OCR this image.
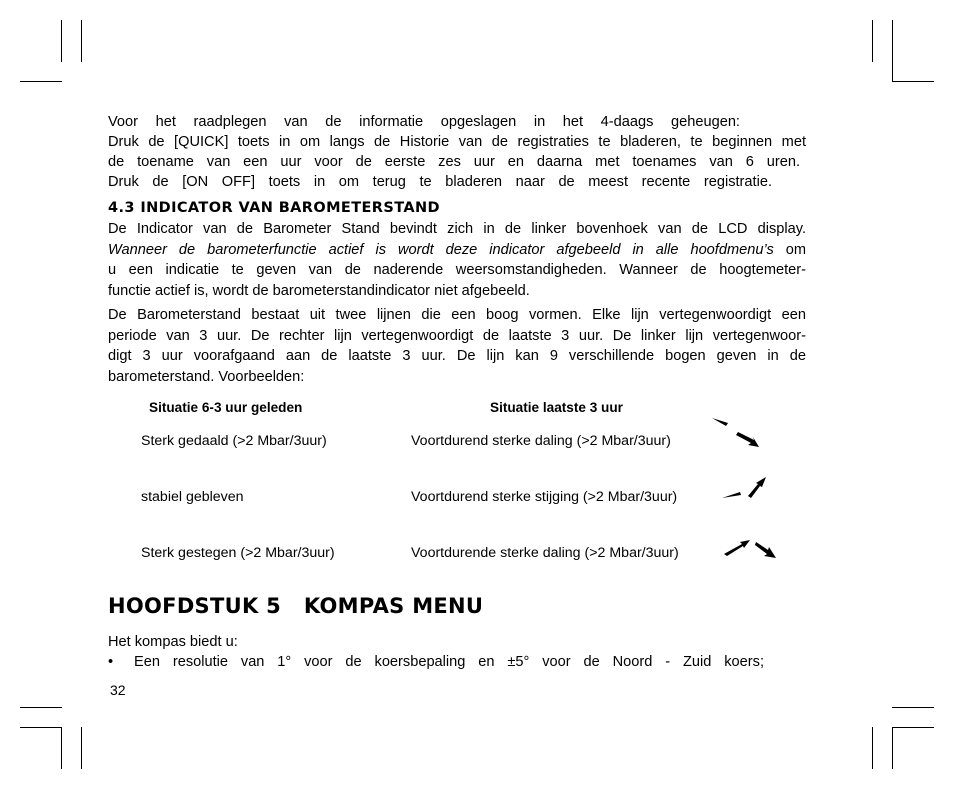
Voor het raadplegen van de informatie opgeslagen in het 4-daags geheugen:
Druk de [QUICK] toets in om langs de Historie van de registraties te bladeren, te beginnen met
de toename van een uur voor de eerste zes uur en daarna met toenames van 6 uren.
Druk de [ON OFF] toets in om terug te bladeren naar de meest recente registratie.
4.3 INDICATOR VAN BAROMETERSTAND
De Indicator van de Barometer Stand bevindt zich in de linker bovenhoek van de LCD display.
Wanneer de barometerfunctie actief is wordt deze indicator afgebeeld in alle hoofdmenu’s om
u een indicatie te geven van de naderende weersomstandigheden. Wanneer de hoogtemeter-
functie actief is, wordt de barometerstandindicator niet afgebeeld.
De Barometerstand bestaat uit twee lijnen die een boog vormen. Elke lijn vertegenwoordigt een
periode van 3 uur. De rechter lijn vertegenwoordigt de laatste 3 uur. De linker lijn vertegenwoor-
digt 3 uur voorafgaand aan de laatste 3 uur. De lijn kan 9 verschillende bogen geven in de
barometerstand. Voorbeelden:
Situatie 6-3 uur geleden	Situatie laatste 3 uur
Sterk gedaald (>2 Mbar/3uur)	Voortdurend sterke daling (>2 Mbar/3uur)
stabiel gebleven	Voortdurend sterke stijging (>2 Mbar/3uur)
Sterk gestegen (>2 Mbar/3uur)	Voortdurende sterke daling (>2 Mbar/3uur)
HOOFDSTUK 5   KOMPAS MENU
Het kompas biedt u:
• Een resolutie van 1° voor de koersbepaling en ±5° voor de Noord - Zuid koers;
32
